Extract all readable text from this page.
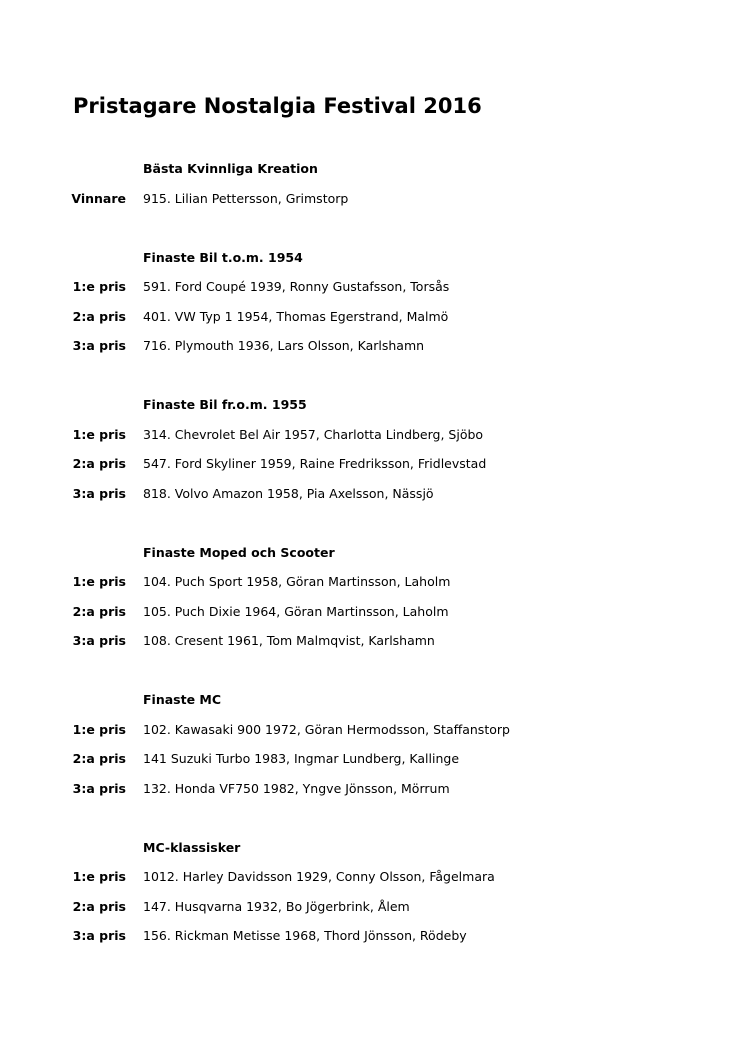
Pristagare Nostalgia Festival 2016
Bästa Kvinnliga Kreation
Vinnare 915. Lilian Pettersson, Grimstorp
Finaste Bil t.o.m. 1954
1:e pris 591. Ford Coupé 1939, Ronny Gustafsson, Torsås
2:a pris 401. VW Typ 1 1954, Thomas Egerstrand, Malmö
3:a pris 716. Plymouth 1936, Lars Olsson, Karlshamn
Finaste Bil fr.o.m. 1955
1:e pris 314. Chevrolet Bel Air 1957, Charlotta Lindberg, Sjöbo
2:a pris 547. Ford Skyliner 1959, Raine Fredriksson, Fridlevstad
3:a pris 818. Volvo Amazon 1958, Pia Axelsson, Nässjö
Finaste Moped och Scooter
1:e pris 104. Puch Sport 1958, Göran Martinsson, Laholm
2:a pris 105. Puch Dixie 1964, Göran Martinsson, Laholm
3:a pris 108. Cresent 1961, Tom Malmqvist, Karlshamn
Finaste MC
1:e pris 102. Kawasaki 900 1972, Göran Hermodsson, Staffanstorp
2:a pris 141 Suzuki Turbo 1983, Ingmar Lundberg, Kallinge
3:a pris 132. Honda VF750 1982, Yngve Jönsson, Mörrum
MC-klassisker
1:e pris 1012. Harley Davidsson 1929, Conny Olsson, Fågelmara
2:a pris 147. Husqvarna 1932, Bo Jögerbrink, Ålem
3:a pris 156. Rickman Metisse 1968, Thord Jönsson, Rödeby
